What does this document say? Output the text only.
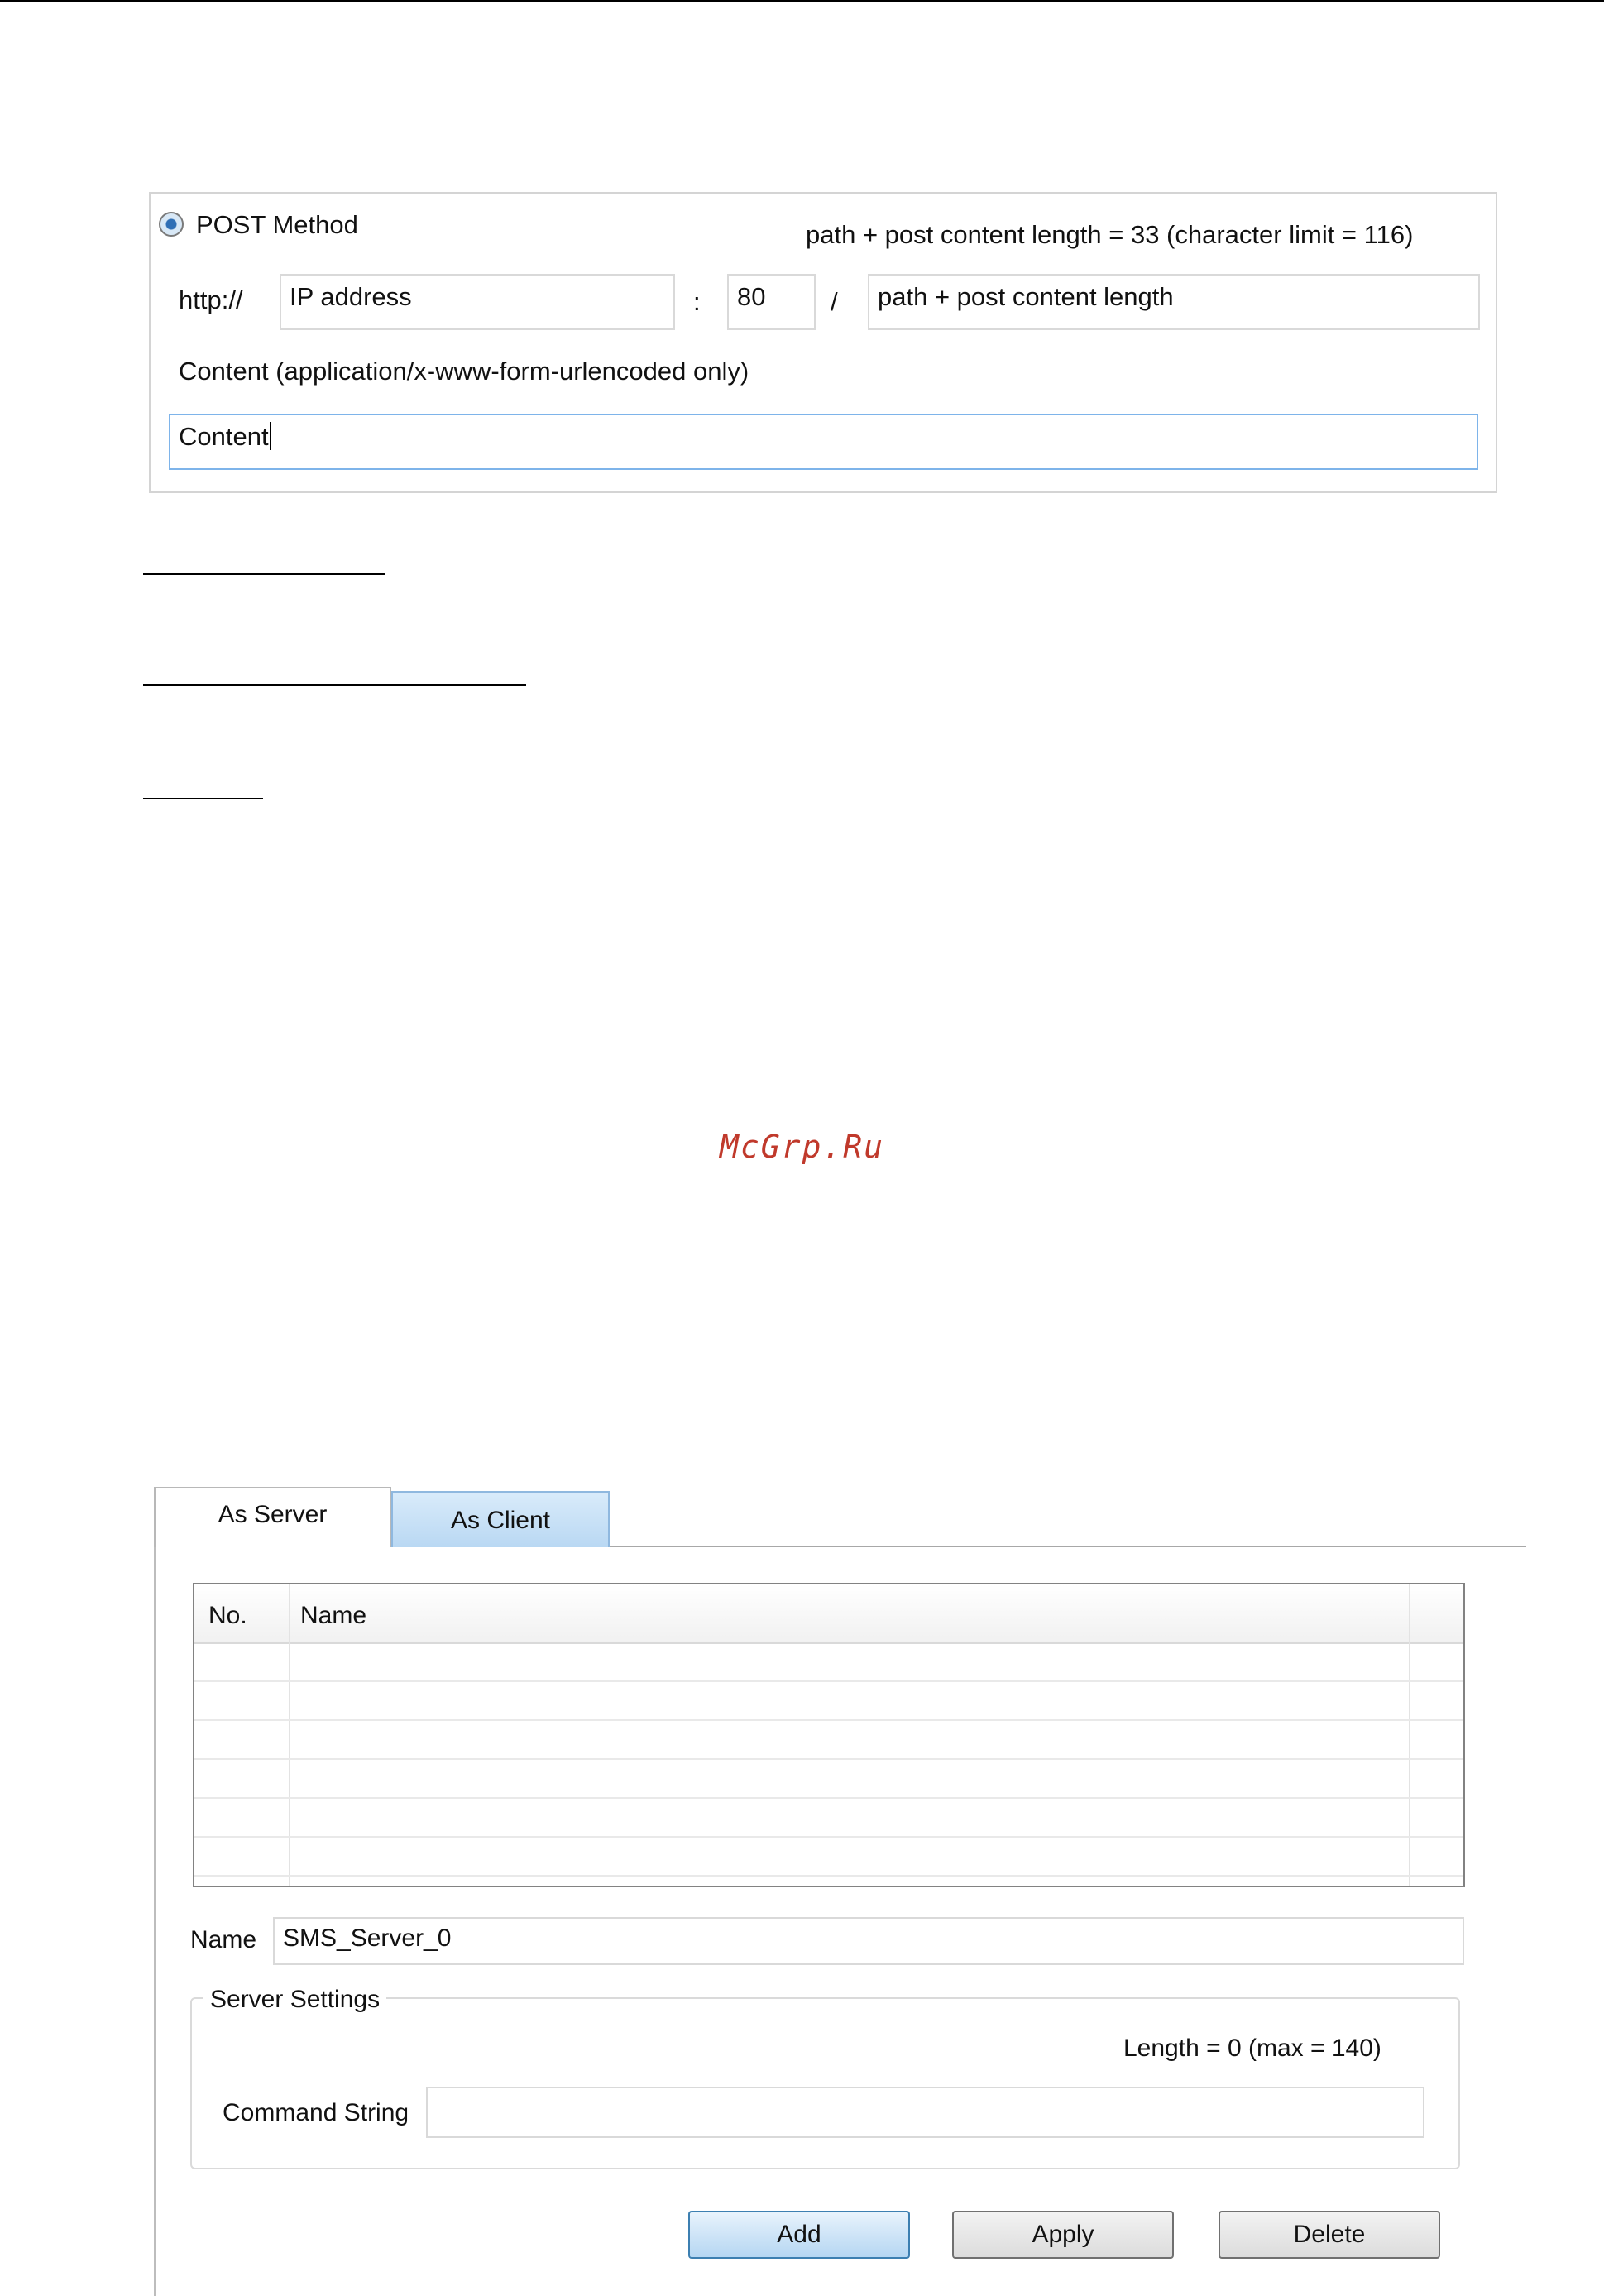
POST Method	path + post content length = 33 (character limit = 116)
http://	IP address	:	80	/	path + post content length
Content (application/x-www-form-urlencoded only)
Content
McGrp.Ru
As Server	As Client
No. Name
Name	SMS_Server_0
Server Settings
Length = 0 (max = 140)
Command String
Add	Apply	Delete
